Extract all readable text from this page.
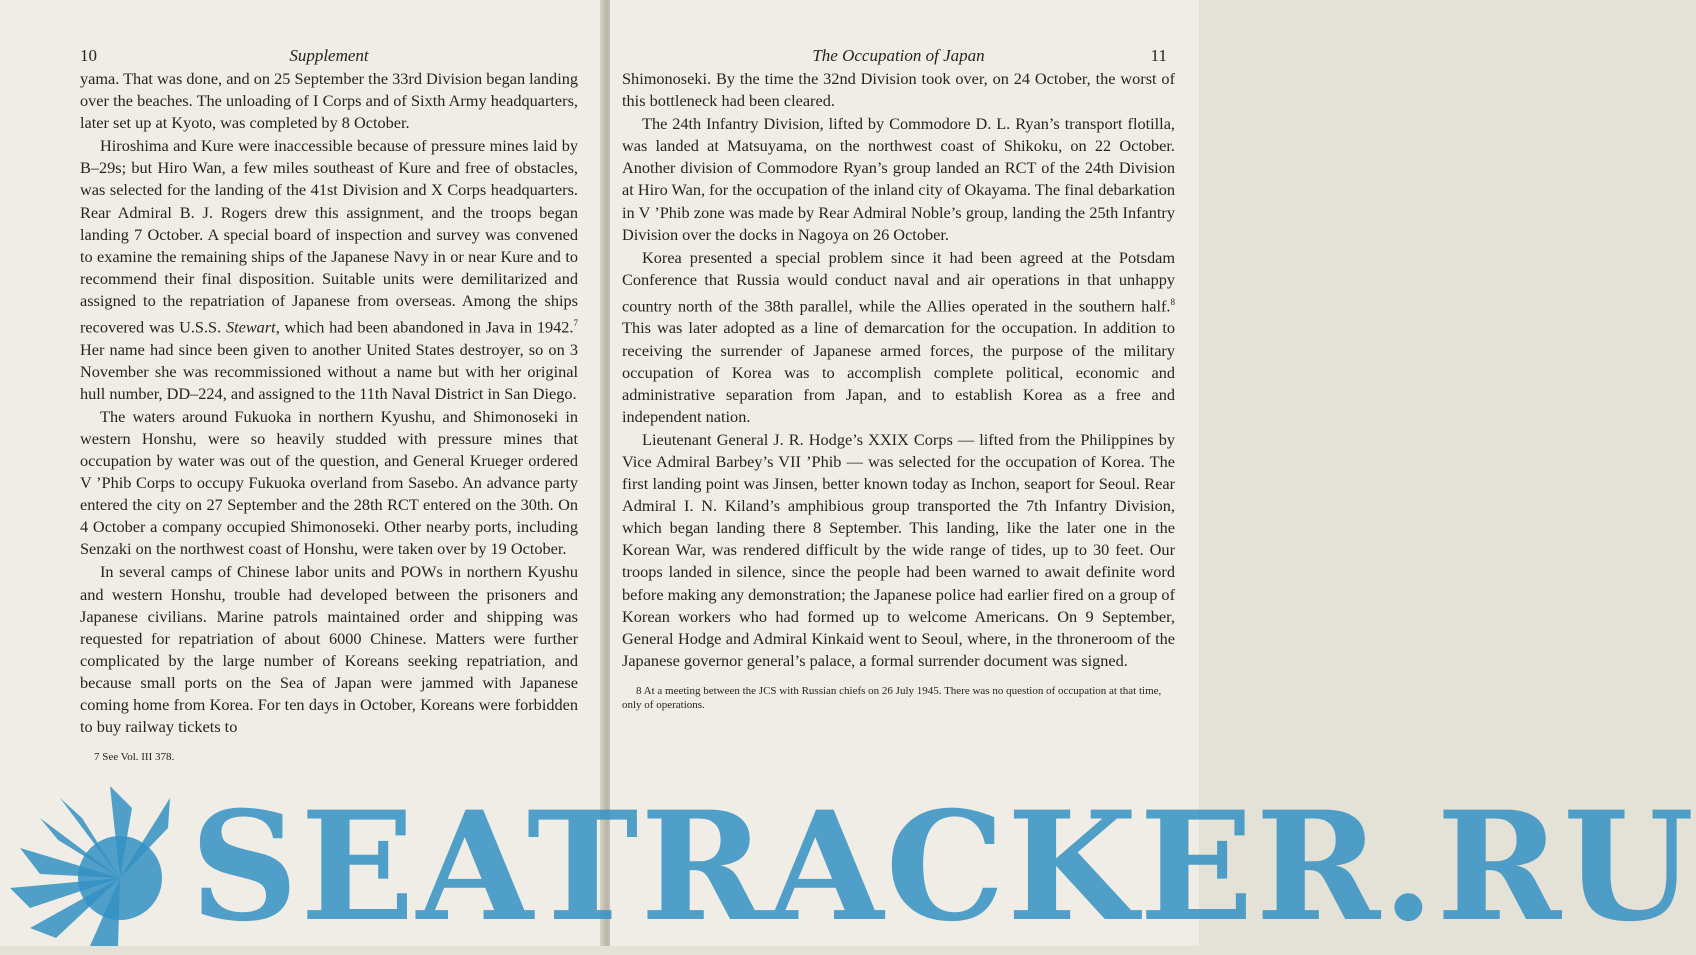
10	Supplement

yama. That was done, and on 25 September the 33rd Division began landing over the beaches. The unloading of I Corps and of Sixth Army headquarters, later set up at Kyoto, was completed by 8 October.

Hiroshima and Kure were inaccessible because of pressure mines laid by B–29s; but Hiro Wan, a few miles southeast of Kure and free of obstacles, was selected for the landing of the 41st Division and X Corps headquarters. Rear Admiral B. J. Rogers drew this assignment, and the troops began landing 7 October. A special board of inspection and survey was convened to examine the remaining ships of the Japanese Navy in or near Kure and to recommend their final disposition. Suitable units were demilitarized and assigned to the repatriation of Japanese from overseas. Among the ships recovered was U.S.S. Stewart, which had been abandoned in Java in 1942.$^7$ Her name had since been given to another United States destroyer, so on 3 November she was recommissioned without a name but with her original hull number, DD–224, and assigned to the 11th Naval District in San Diego.

The waters around Fukuoka in northern Kyushu, and Shimonoseki in western Honshu, were so heavily studded with pressure mines that occupation by water was out of the question, and General Krueger ordered V ’Phib Corps to occupy Fukuoka overland from Sasebo. An advance party entered the city on 27 September and the 28th RCT entered on the 30th. On 4 October a company occupied Shimonoseki. Other nearby ports, including Senzaki on the northwest coast of Honshu, were taken over by 19 October.

In several camps of Chinese labor units and POWs in northern Kyushu and western Honshu, trouble had developed between the prisoners and Japanese civilians. Marine patrols maintained order and shipping was requested for repatriation of about 6000 Chinese. Matters were further complicated by the large number of Koreans seeking repatriation, and because small ports on the Sea of Japan were jammed with Japanese coming home from Korea. For ten days in October, Koreans were forbidden to buy railway tickets to

7 See Vol. III 378.

The Occupation of Japan	11

Shimonoseki. By the time the 32nd Division took over, on 24 October, the worst of this bottleneck had been cleared.

The 24th Infantry Division, lifted by Commodore D. L. Ryan’s transport flotilla, was landed at Matsuyama, on the northwest coast of Shikoku, on 22 October. Another division of Commodore Ryan’s group landed an RCT of the 24th Division at Hiro Wan, for the occupation of the inland city of Okayama. The final debarkation in V ’Phib zone was made by Rear Admiral Noble’s group, landing the 25th Infantry Division over the docks in Nagoya on 26 October.

Korea presented a special problem since it had been agreed at the Potsdam Conference that Russia would conduct naval and air operations in that unhappy country north of the 38th parallel, while the Allies operated in the southern half.$^8$ This was later adopted as a line of demarcation for the occupation. In addition to receiving the surrender of Japanese armed forces, the purpose of the military occupation of Korea was to accomplish complete political, economic and administrative separation from Japan, and to establish Korea as a free and independent nation.

Lieutenant General J. R. Hodge’s XXIX Corps — lifted from the Philippines by Vice Admiral Barbey’s VII ’Phib — was selected for the occupation of Korea. The first landing point was Jinsen, better known today as Inchon, seaport for Seoul. Rear Admiral I. N. Kiland’s amphibious group transported the 7th Infantry Division, which began landing there 8 September. This landing, like the later one in the Korean War, was rendered difficult by the wide range of tides, up to 30 feet. Our troops landed in silence, since the people had been warned to await definite word before making any demonstration; the Japanese police had earlier fired on a group of Korean workers who had formed up to welcome Americans. On 9 September, General Hodge and Admiral Kinkaid went to Seoul, where, in the throneroom of the Japanese governor general’s palace, a formal surrender document was signed.

8 At a meeting between the JCS with Russian chiefs on 26 July 1945. There was no question of occupation at that time, only of operations.

SEATRACKER.RU
